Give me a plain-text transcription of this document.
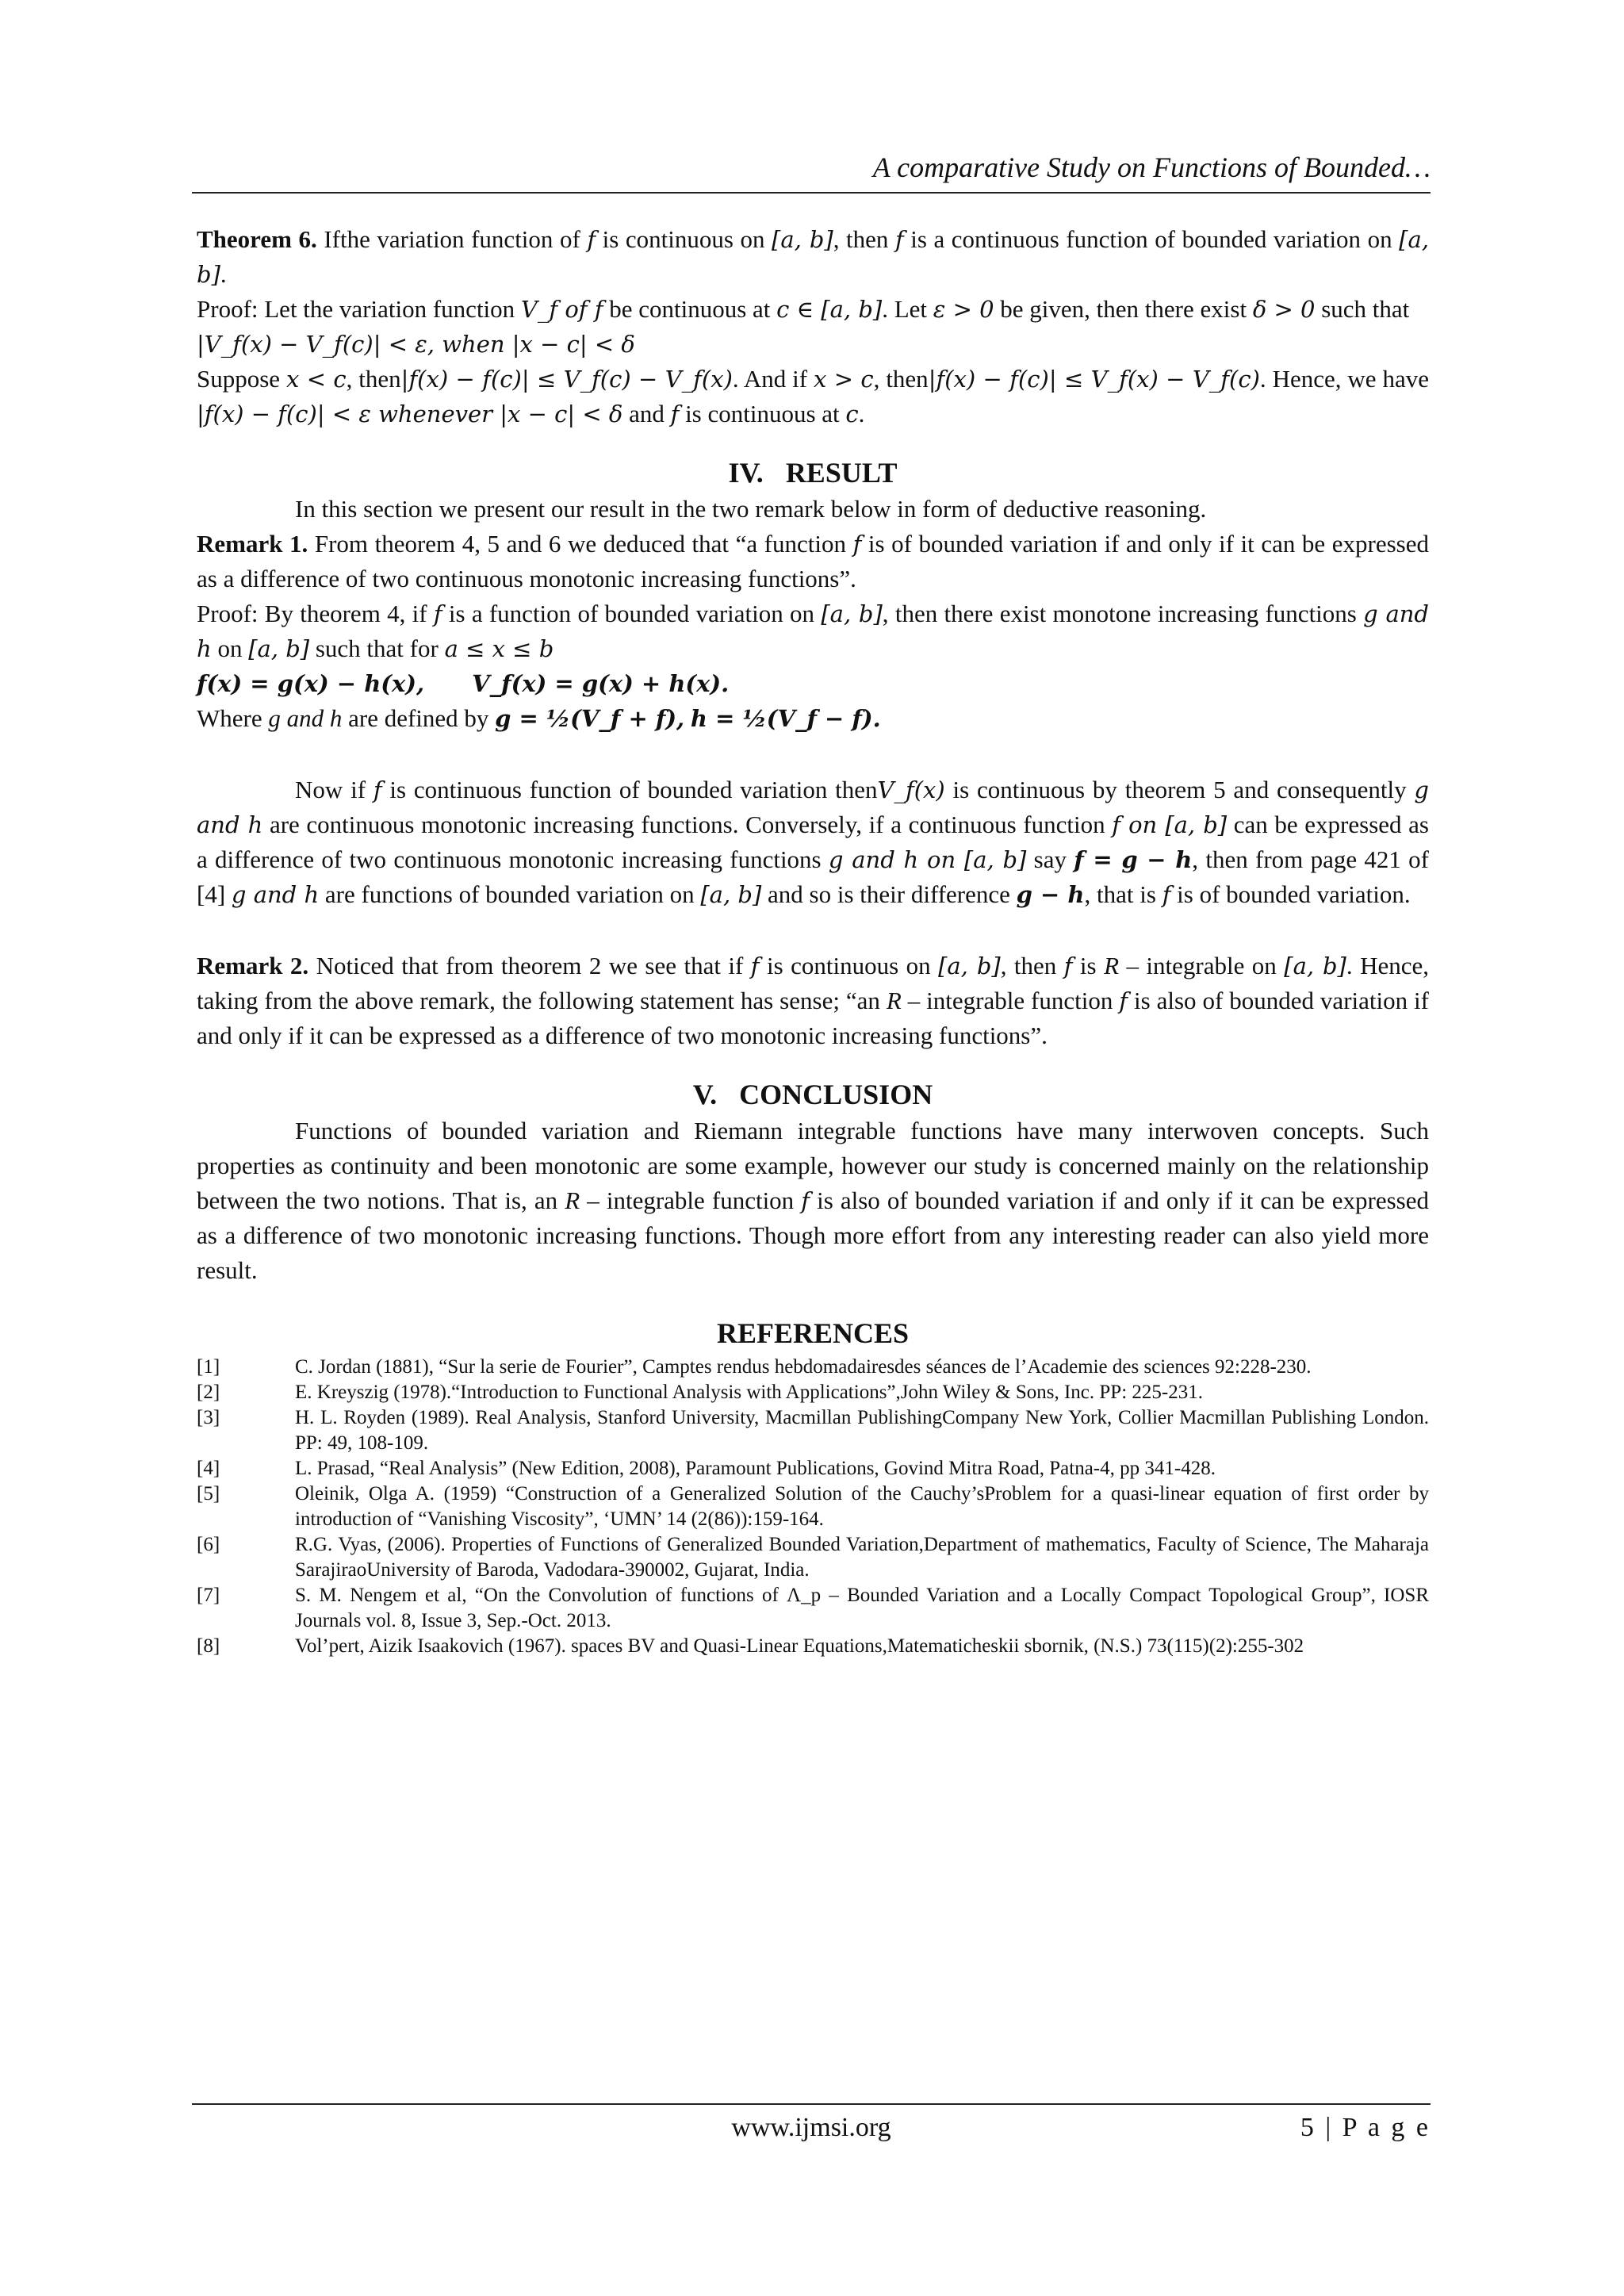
A comparative Study on Functions of Bounded…

Theorem 6. Ifthe variation function of f is continuous on [a, b], then f is a continuous function of bounded variation on [a, b].

Proof: Let the variation function V_f of f be continuous at c ∈ [a, b]. Let ε > 0 be given, then there exist δ > 0 such that

|V_f(x) − V_f(c)| < ε, when |x − c| < δ

Suppose x < c, then|f(x) − f(c)| ≤ V_f(c) − V_f(x). And if x > c, then|f(x) − f(c)| ≤ V_f(x) − V_f(c). Hence, we have |f(x) − f(c)| < ε whenever |x − c| < δ and f is continuous at c.

IV. RESULT

In this section we present our result in the two remark below in form of deductive reasoning.

Remark 1. From theorem 4, 5 and 6 we deduced that “a function f is of bounded variation if and only if it can be expressed as a difference of two continuous monotonic increasing functions”.

Proof: By theorem 4, if f is a function of bounded variation on [a, b], then there exist monotone increasing functions g and h on [a, b] such that for a ≤ x ≤ b

f(x) = g(x) − h(x), V_f(x) = g(x) + h(x).

Where g and h are defined by g = ½(V_f + f), h = ½(V_f − f).

Now if f is continuous function of bounded variation thenV_f(x) is continuous by theorem 5 and consequently g and h are continuous monotonic increasing functions. Conversely, if a continuous function f on [a, b] can be expressed as a difference of two continuous monotonic increasing functions g and h on [a, b] say f = g − h, then from page 421 of [4] g and h are functions of bounded variation on [a, b] and so is their difference g − h, that is f is of bounded variation.

Remark 2. Noticed that from theorem 2 we see that if f is continuous on [a, b], then f is R – integrable on [a, b]. Hence, taking from the above remark, the following statement has sense; “an R – integrable function f is also of bounded variation if and only if it can be expressed as a difference of two monotonic increasing functions”.

V. CONCLUSION

Functions of bounded variation and Riemann integrable functions have many interwoven concepts. Such properties as continuity and been monotonic are some example, however our study is concerned mainly on the relationship between the two notions. That is, an R – integrable function f is also of bounded variation if and only if it can be expressed as a difference of two monotonic increasing functions. Though more effort from any interesting reader can also yield more result.

REFERENCES
[1]	C. Jordan (1881), “Sur la serie de Fourier”, Camptes rendus hebdomadairesdes séances de l’Academie des sciences 92:228-230.
[2]	E. Kreyszig (1978).“Introduction to Functional Analysis with Applications”,John Wiley & Sons, Inc. PP: 225-231.
[3]	H. L. Royden (1989). Real Analysis, Stanford University, Macmillan PublishingCompany New York, Collier Macmillan Publishing London. PP: 49, 108-109.
[4]	L. Prasad, “Real Analysis” (New Edition, 2008), Paramount Publications, Govind Mitra Road, Patna-4, pp 341-428.
[5]	Oleinik, Olga A. (1959) “Construction of a Generalized Solution of the Cauchy’sProblem for a quasi-linear equation of first order by introduction of “Vanishing Viscosity”, ‘UMN’ 14 (2(86)):159-164.
[6]	R.G. Vyas, (2006). Properties of Functions of Generalized Bounded Variation,Department of mathematics, Faculty of Science, The Maharaja SarajiraoUniversity of Baroda, Vadodara-390002, Gujarat, India.
[7]	S. M. Nengem et al, “On the Convolution of functions of Λ_p – Bounded Variation and a Locally Compact Topological Group”, IOSR Journals vol. 8, Issue 3, Sep.-Oct. 2013.
[8]	Vol’pert, Aizik Isaakovich (1967). spaces BV and Quasi-Linear Equations,Matematicheskii sbornik, (N.S.) 73(115)(2):255-302
www.ijmsi.org	5 | P a g e
